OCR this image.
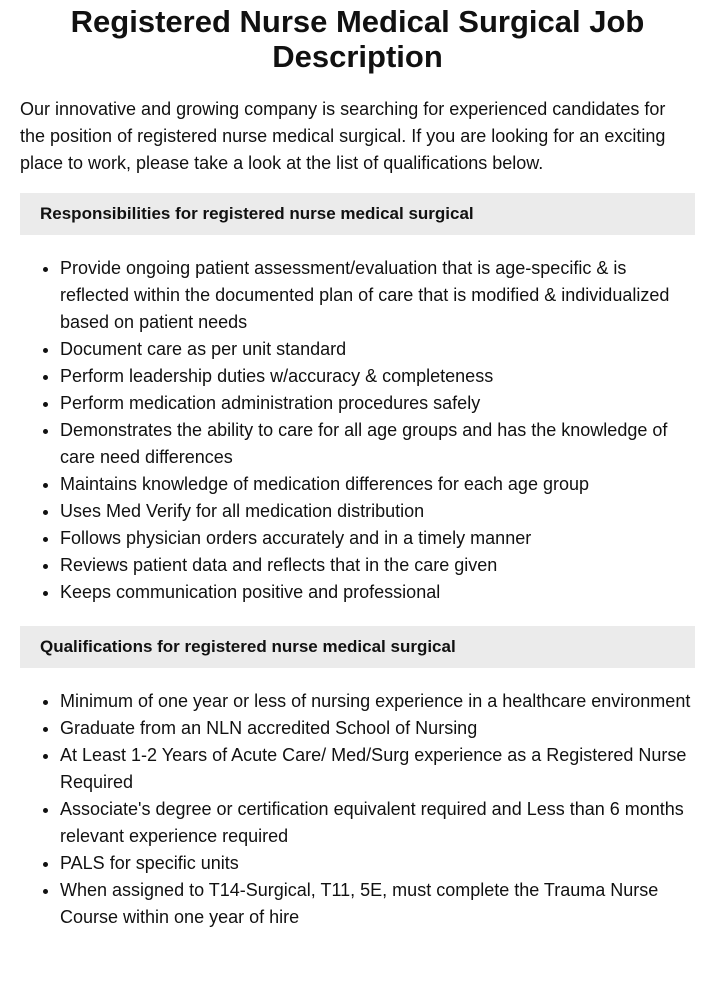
Registered Nurse Medical Surgical Job Description

Our innovative and growing company is searching for experienced candidates for the position of registered nurse medical surgical. If you are looking for an exciting place to work, please take a look at the list of qualifications below.

Responsibilities for registered nurse medical surgical
• Provide ongoing patient assessment/evaluation that is age-specific & is reflected within the documented plan of care that is modified & individualized based on patient needs
• Document care as per unit standard
• Perform leadership duties w/accuracy & completeness
• Perform medication administration procedures safely
• Demonstrates the ability to care for all age groups and has the knowledge of care need differences
• Maintains knowledge of medication differences for each age group
• Uses Med Verify for all medication distribution
• Follows physician orders accurately and in a timely manner
• Reviews patient data and reflects that in the care given
• Keeps communication positive and professional
Qualifications for registered nurse medical surgical
• Minimum of one year or less of nursing experience in a healthcare environment
• Graduate from an NLN accredited School of Nursing
• At Least 1-2 Years of Acute Care/ Med/Surg experience as a Registered Nurse Required
• Associate's degree or certification equivalent required and Less than 6 months relevant experience required
• PALS for specific units
• When assigned to T14-Surgical, T11, 5E, must complete the Trauma Nurse Course within one year of hire
